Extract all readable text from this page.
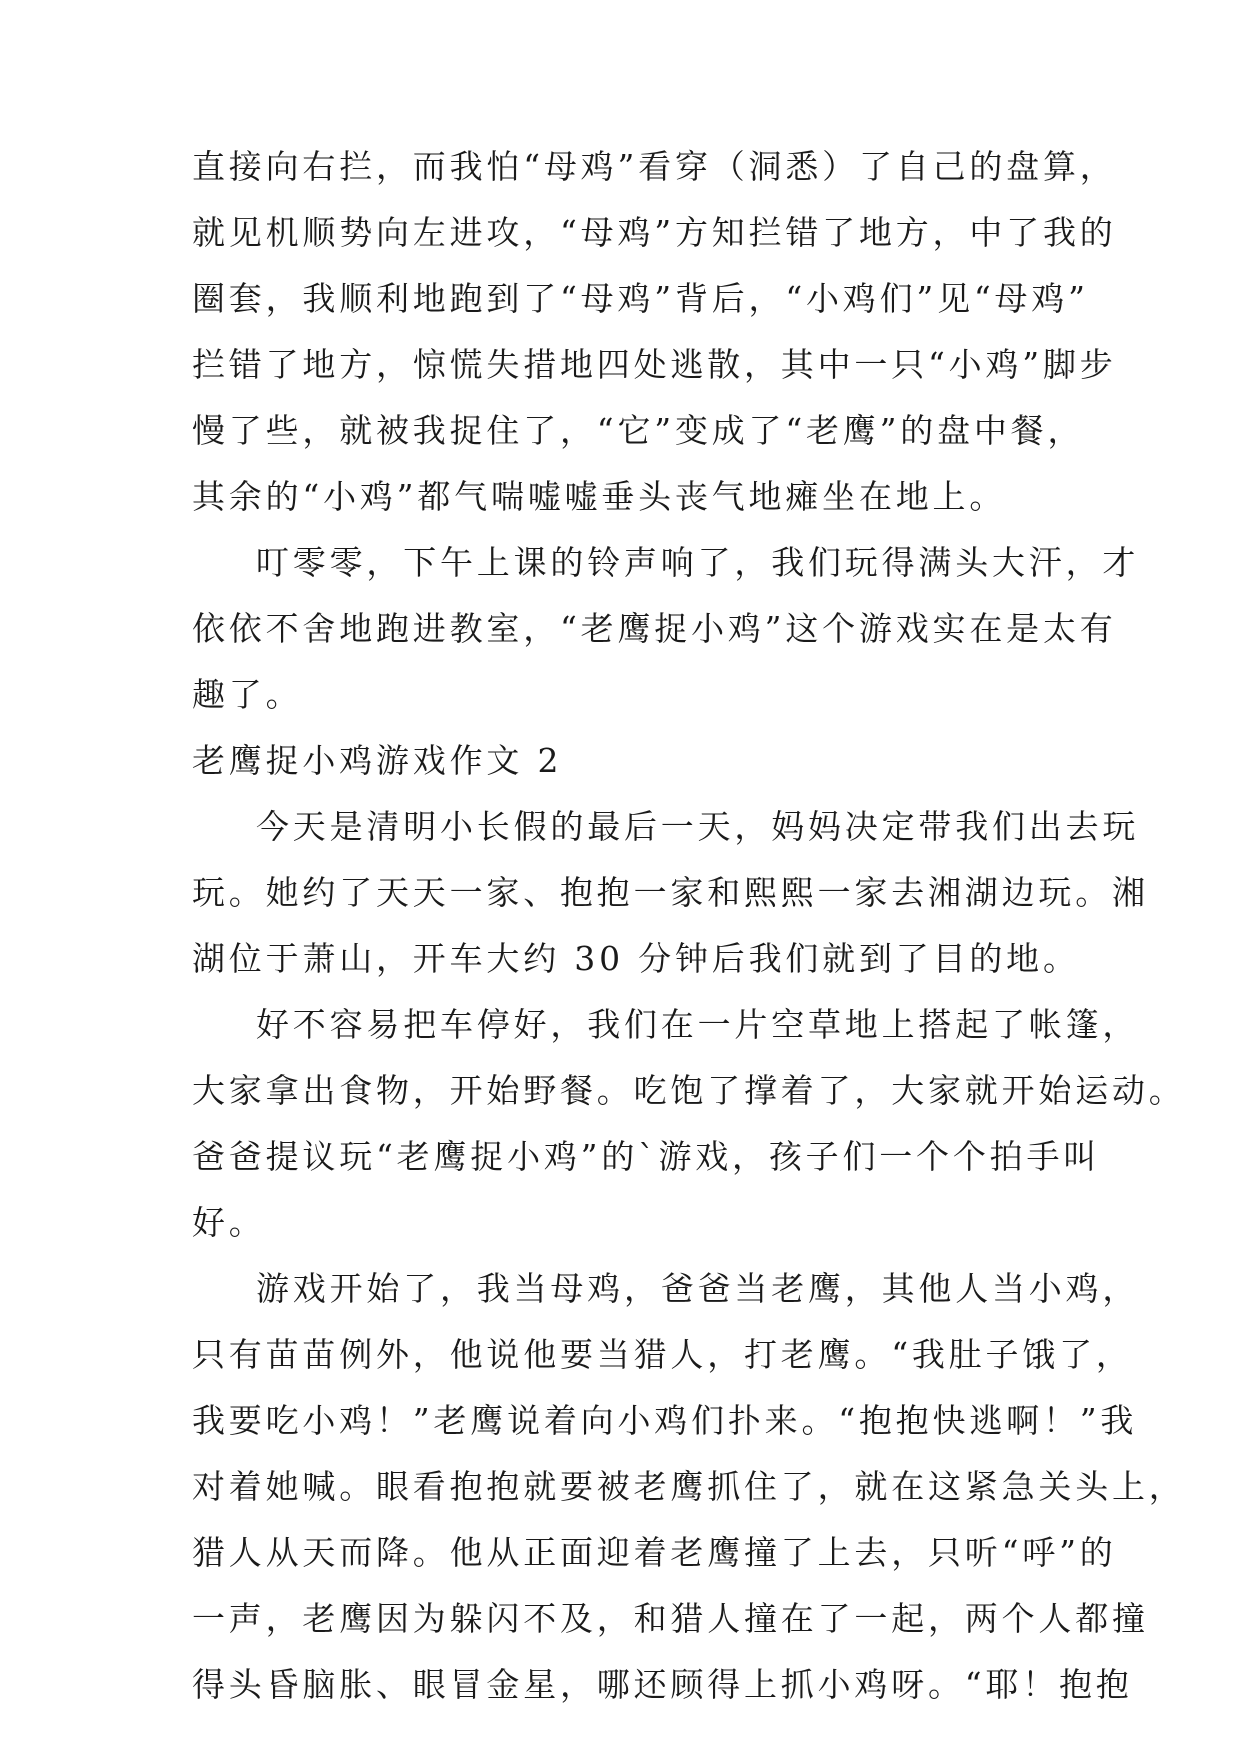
直接向右拦，而我怕“母鸡”看穿（洞悉）了自己的盘算，
就见机顺势向左进攻，“母鸡”方知拦错了地方，中了我的
圈套，我顺利地跑到了“母鸡”背后，“小鸡们”见“母鸡”
拦错了地方，惊慌失措地四处逃散，其中一只“小鸡”脚步
慢了些，就被我捉住了，“它”变成了“老鹰”的盘中餐，
其余的“小鸡”都气喘嘘嘘垂头丧气地瘫坐在地上。
叮零零，下午上课的铃声响了，我们玩得满头大汗，才
依依不舍地跑进教室，“老鹰捉小鸡”这个游戏实在是太有
趣了。
老鹰捉小鸡游戏作文 2
今天是清明小长假的最后一天，妈妈决定带我们出去玩
玩。她约了天天一家、抱抱一家和熙熙一家去湘湖边玩。湘
湖位于萧山，开车大约 30 分钟后我们就到了目的地。
好不容易把车停好，我们在一片空草地上搭起了帐篷，
大家拿出食物，开始野餐。吃饱了撑着了，大家就开始运动。
爸爸提议玩“老鹰捉小鸡”的`游戏，孩子们一个个拍手叫
好。
游戏开始了，我当母鸡，爸爸当老鹰，其他人当小鸡，
只有苗苗例外，他说他要当猎人，打老鹰。“我肚子饿了，
我要吃小鸡！”老鹰说着向小鸡们扑来。“抱抱快逃啊！”我
对着她喊。眼看抱抱就要被老鹰抓住了，就在这紧急关头上，
猎人从天而降。他从正面迎着老鹰撞了上去，只听“呼”的
一声，老鹰因为躲闪不及，和猎人撞在了一起，两个人都撞
得头昏脑胀、眼冒金星，哪还顾得上抓小鸡呀。“耶！抱抱
